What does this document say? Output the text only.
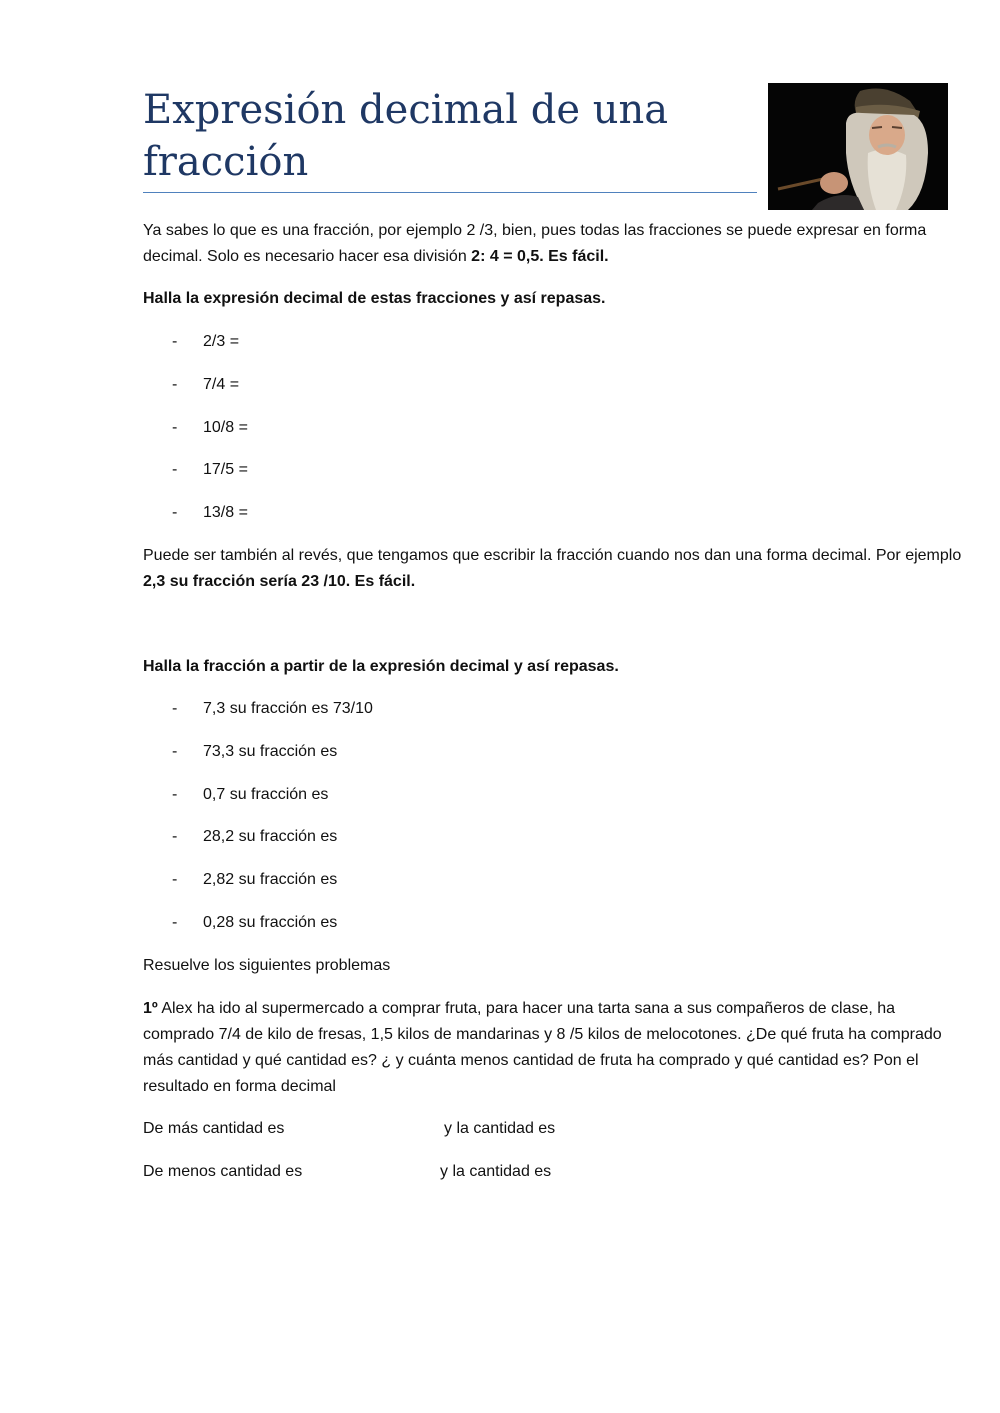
Expresión decimal de una fracción

Ya sabes lo que es una fracción, por ejemplo 2 /3, bien, pues todas las fracciones se puede expresar en forma decimal. Solo es necesario hacer esa división 2: 4 = 0,5. Es fácil.

Halla la expresión decimal de estas fracciones y así repasas.

- 2/3 =
- 7/4 =
- 10/8 =
- 17/5 =
- 13/8 =

Puede ser también al revés, que tengamos que escribir la fracción cuando nos dan una forma decimal. Por ejemplo 2,3 su fracción sería 23 /10. Es fácil.

Halla la fracción a partir de la expresión decimal y así repasas.

- 7,3 su fracción es 73/10
- 73,3 su fracción es
- 0,7 su fracción es
- 28,2 su fracción es
- 2,82 su fracción es
- 0,28 su fracción es

Resuelve los siguientes problemas

1º Alex ha ido al supermercado a comprar fruta, para hacer una tarta sana a sus compañeros de clase, ha comprado 7/4 de kilo de fresas, 1,5 kilos de mandarinas y 8 /5 kilos de melocotones. ¿De qué fruta ha comprado más cantidad y qué cantidad es? ¿ y cuánta menos cantidad de fruta ha comprado y qué cantidad es? Pon el resultado en forma decimal

De más cantidad es	y la cantidad es
De menos cantidad es	y la cantidad es
